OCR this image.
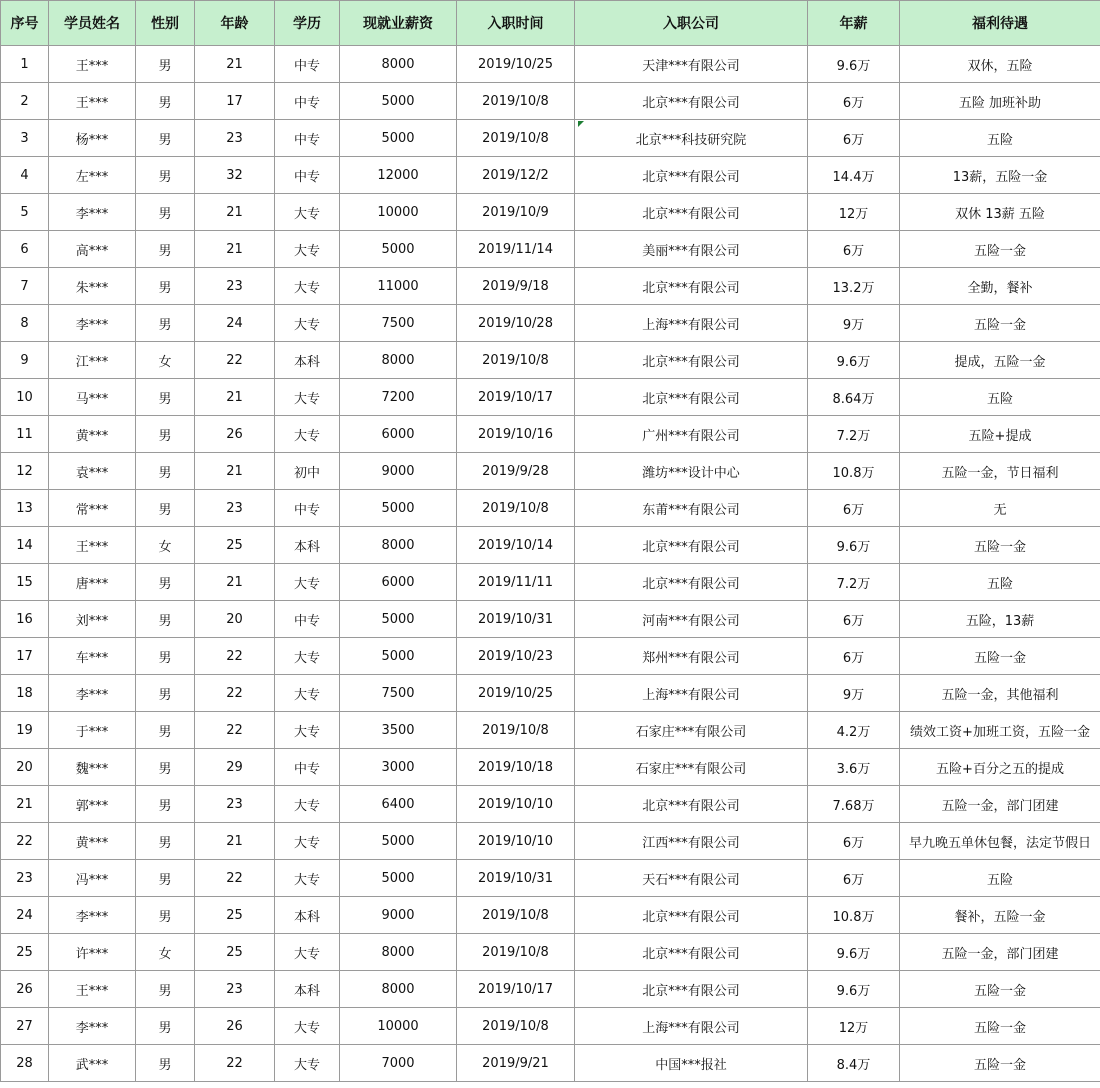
序号	学员姓名	性别	年龄	学历	现就业薪资	入职时间	入职公司	年薪	福利待遇
1	王***	男	21	中专	8000	2019/10/25	天津***有限公司	9.6万	双休，五险
2	王***	男	17	中专	5000	2019/10/8	北京***有限公司	6万	五险 加班补助
3	杨***	男	23	中专	5000	2019/10/8	北京***科技研究院	6万	五险
4	左***	男	32	中专	12000	2019/12/2	北京***有限公司	14.4万	13薪，五险一金
5	李***	男	21	大专	10000	2019/10/9	北京***有限公司	12万	双休 13薪 五险
6	高***	男	21	大专	5000	2019/11/14	美丽***有限公司	6万	五险一金
7	朱***	男	23	大专	11000	2019/9/18	北京***有限公司	13.2万	全勤，餐补
8	李***	男	24	大专	7500	2019/10/28	上海***有限公司	9万	五险一金
9	江***	女	22	本科	8000	2019/10/8	北京***有限公司	9.6万	提成，五险一金
10	马***	男	21	大专	7200	2019/10/17	北京***有限公司	8.64万	五险
11	黄***	男	26	大专	6000	2019/10/16	广州***有限公司	7.2万	五险+提成
12	袁***	男	21	初中	9000	2019/9/28	潍坊***设计中心	10.8万	五险一金，节日福利
13	常***	男	23	中专	5000	2019/10/8	东莆***有限公司	6万	无
14	王***	女	25	本科	8000	2019/10/14	北京***有限公司	9.6万	五险一金
15	唐***	男	21	大专	6000	2019/11/11	北京***有限公司	7.2万	五险
16	刘***	男	20	中专	5000	2019/10/31	河南***有限公司	6万	五险，13薪
17	车***	男	22	大专	5000	2019/10/23	郑州***有限公司	6万	五险一金
18	李***	男	22	大专	7500	2019/10/25	上海***有限公司	9万	五险一金，其他福利
19	于***	男	22	大专	3500	2019/10/8	石家庄***有限公司	4.2万	绩效工资+加班工资，五险一金
20	魏***	男	29	中专	3000	2019/10/18	石家庄***有限公司	3.6万	五险+百分之五的提成
21	郭***	男	23	大专	6400	2019/10/10	北京***有限公司	7.68万	五险一金，部门团建
22	黄***	男	21	大专	5000	2019/10/10	江西***有限公司	6万	早九晚五单休包餐，法定节假日
23	冯***	男	22	大专	5000	2019/10/31	天石***有限公司	6万	五险
24	李***	男	25	本科	9000	2019/10/8	北京***有限公司	10.8万	餐补，五险一金
25	许***	女	25	大专	8000	2019/10/8	北京***有限公司	9.6万	五险一金，部门团建
26	王***	男	23	本科	8000	2019/10/17	北京***有限公司	9.6万	五险一金
27	李***	男	26	大专	10000	2019/10/8	上海***有限公司	12万	五险一金
28	武***	男	22	大专	7000	2019/9/21	中国***报社	8.4万	五险一金
